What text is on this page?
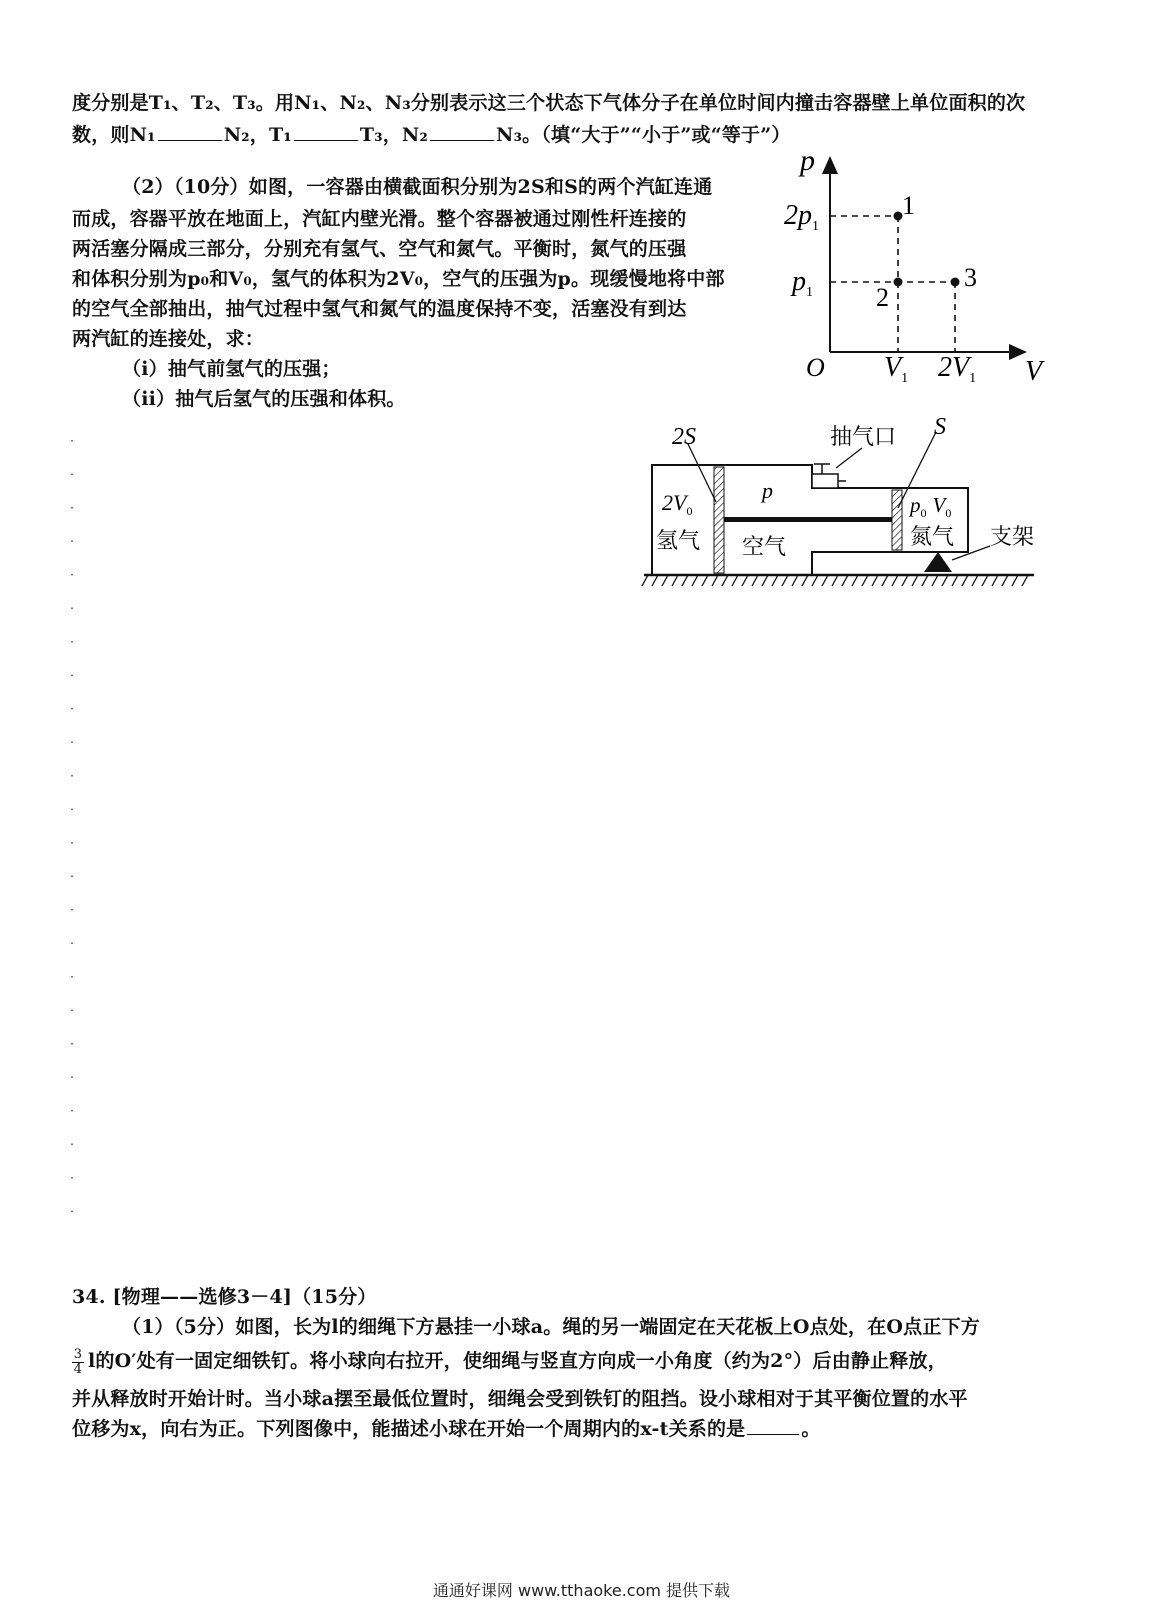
度分别是T₁、T₂、T₃。用N₁、N₂、N₃分别表示这三个状态下气体分子在单位时间内撞击容器壁上单位面积的次
数，则N₁	N₂，T₁	T₃，N₂	N₃。（填“大于”“小于”或“等于”）
（2）（10分）如图，一容器由横截面积分别为2S和S的两个汽缸连通
而成，容器平放在地面上，汽缸内壁光滑。整个容器被通过刚性杆连接的
两活塞分隔成三部分，分别充有氢气、空气和氮气。平衡时，氮气的压强
和体积分别为p₀和V₀，氢气的体积为2V₀，空气的压强为p。现缓慢地将中部
的空气全部抽出，抽气过程中氢气和氮气的温度保持不变，活塞没有到达
两汽缸的连接处，求：
（i）抽气前氢气的压强；
（ii）抽气后氢气的压强和体积。
p
V
O
1
2
3
$2p_1$
$p_1$
$V_1$ $2V_1$
2S	S
抽气口
p
$2V_0$
氢气 空气
$p_0$ $V_0$
氮气 支架
34. [物理——选修3－4]（15分）
（1）（5分）如图，长为l的细绳下方悬挂一小球a。绳的另一端固定在天花板上O点处，在O点正下方
$\frac{3}{4}$ l的O′处有一固定细铁钉。将小球向右拉开，使细绳与竖直方向成一小角度（约为2°）后由静止释放，
并从释放时开始计时。当小球a摆至最低位置时，细绳会受到铁钉的阻挡。设小球相对于其平衡位置的水平
位移为x，向右为正。下列图像中，能描述小球在开始一个周期内的x-t关系的是	。
通通好课网 www.tthaoke.com 提供下载
